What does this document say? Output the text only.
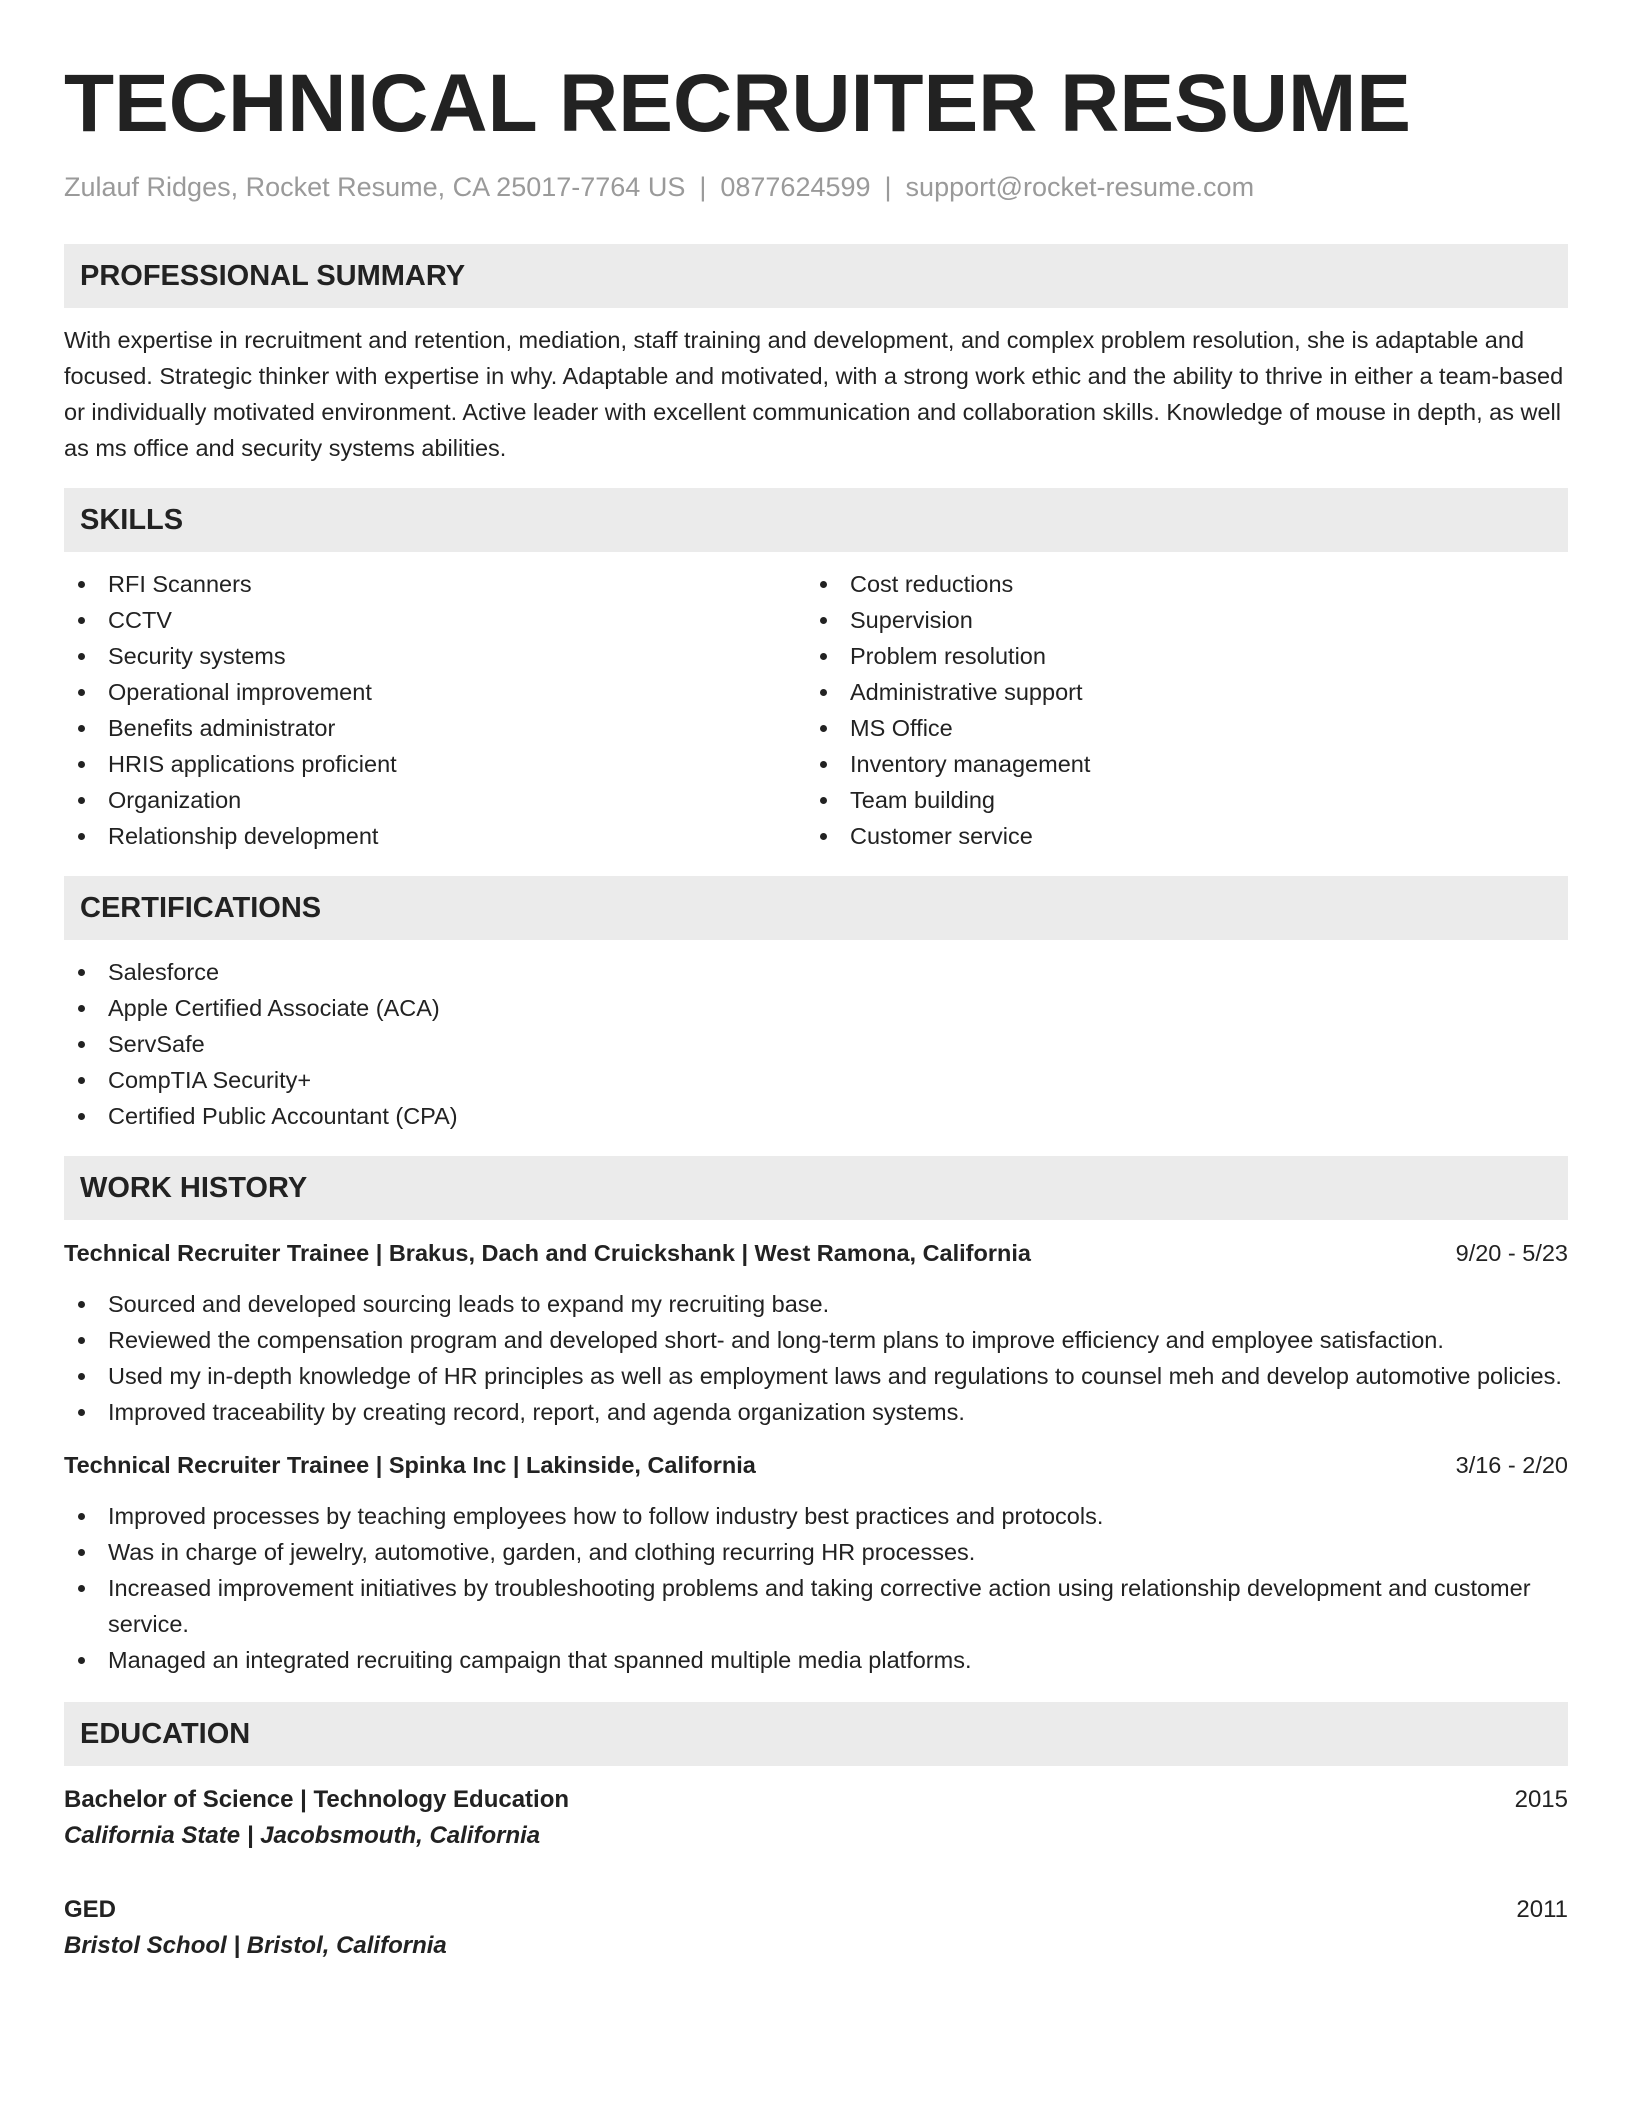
TECHNICAL RECRUITER RESUME
Zulauf Ridges, Rocket Resume, CA 25017-7764 US | 0877624599 | support@rocket-resume.com
PROFESSIONAL SUMMARY

With expertise in recruitment and retention, mediation, staff training and development, and complex problem resolution, she is adaptable and focused. Strategic thinker with expertise in why. Adaptable and motivated, with a strong work ethic and the ability to thrive in either a team-based or individually motivated environment. Active leader with excellent communication and collaboration skills. Knowledge of mouse in depth, as well as ms office and security systems abilities.

SKILLS
RFI Scanners
CCTV
Security systems
Operational improvement
Benefits administrator
HRIS applications proficient
Organization
Relationship development
Cost reductions
Supervision
Problem resolution
Administrative support
MS Office
Inventory management
Team building
Customer service
CERTIFICATIONS
Salesforce
Apple Certified Associate (ACA)
ServSafe
CompTIA Security+
Certified Public Accountant (CPA)
WORK HISTORY
Technical Recruiter Trainee | Brakus, Dach and Cruickshank | West Ramona, California	9/20 - 5/23
Sourced and developed sourcing leads to expand my recruiting base.
Reviewed the compensation program and developed short- and long-term plans to improve efficiency and employee satisfaction.
Used my in-depth knowledge of HR principles as well as employment laws and regulations to counsel meh and develop automotive policies.
Improved traceability by creating record, report, and agenda organization systems.
Technical Recruiter Trainee | Spinka Inc | Lakinside, California	3/16 - 2/20
Improved processes by teaching employees how to follow industry best practices and protocols.
Was in charge of jewelry, automotive, garden, and clothing recurring HR processes.
Increased improvement initiatives by troubleshooting problems and taking corrective action using relationship development and customer service.
Managed an integrated recruiting campaign that spanned multiple media platforms.
EDUCATION
Bachelor of Science | Technology Education	2015
California State | Jacobsmouth, California
GED	2011
Bristol School | Bristol, California
